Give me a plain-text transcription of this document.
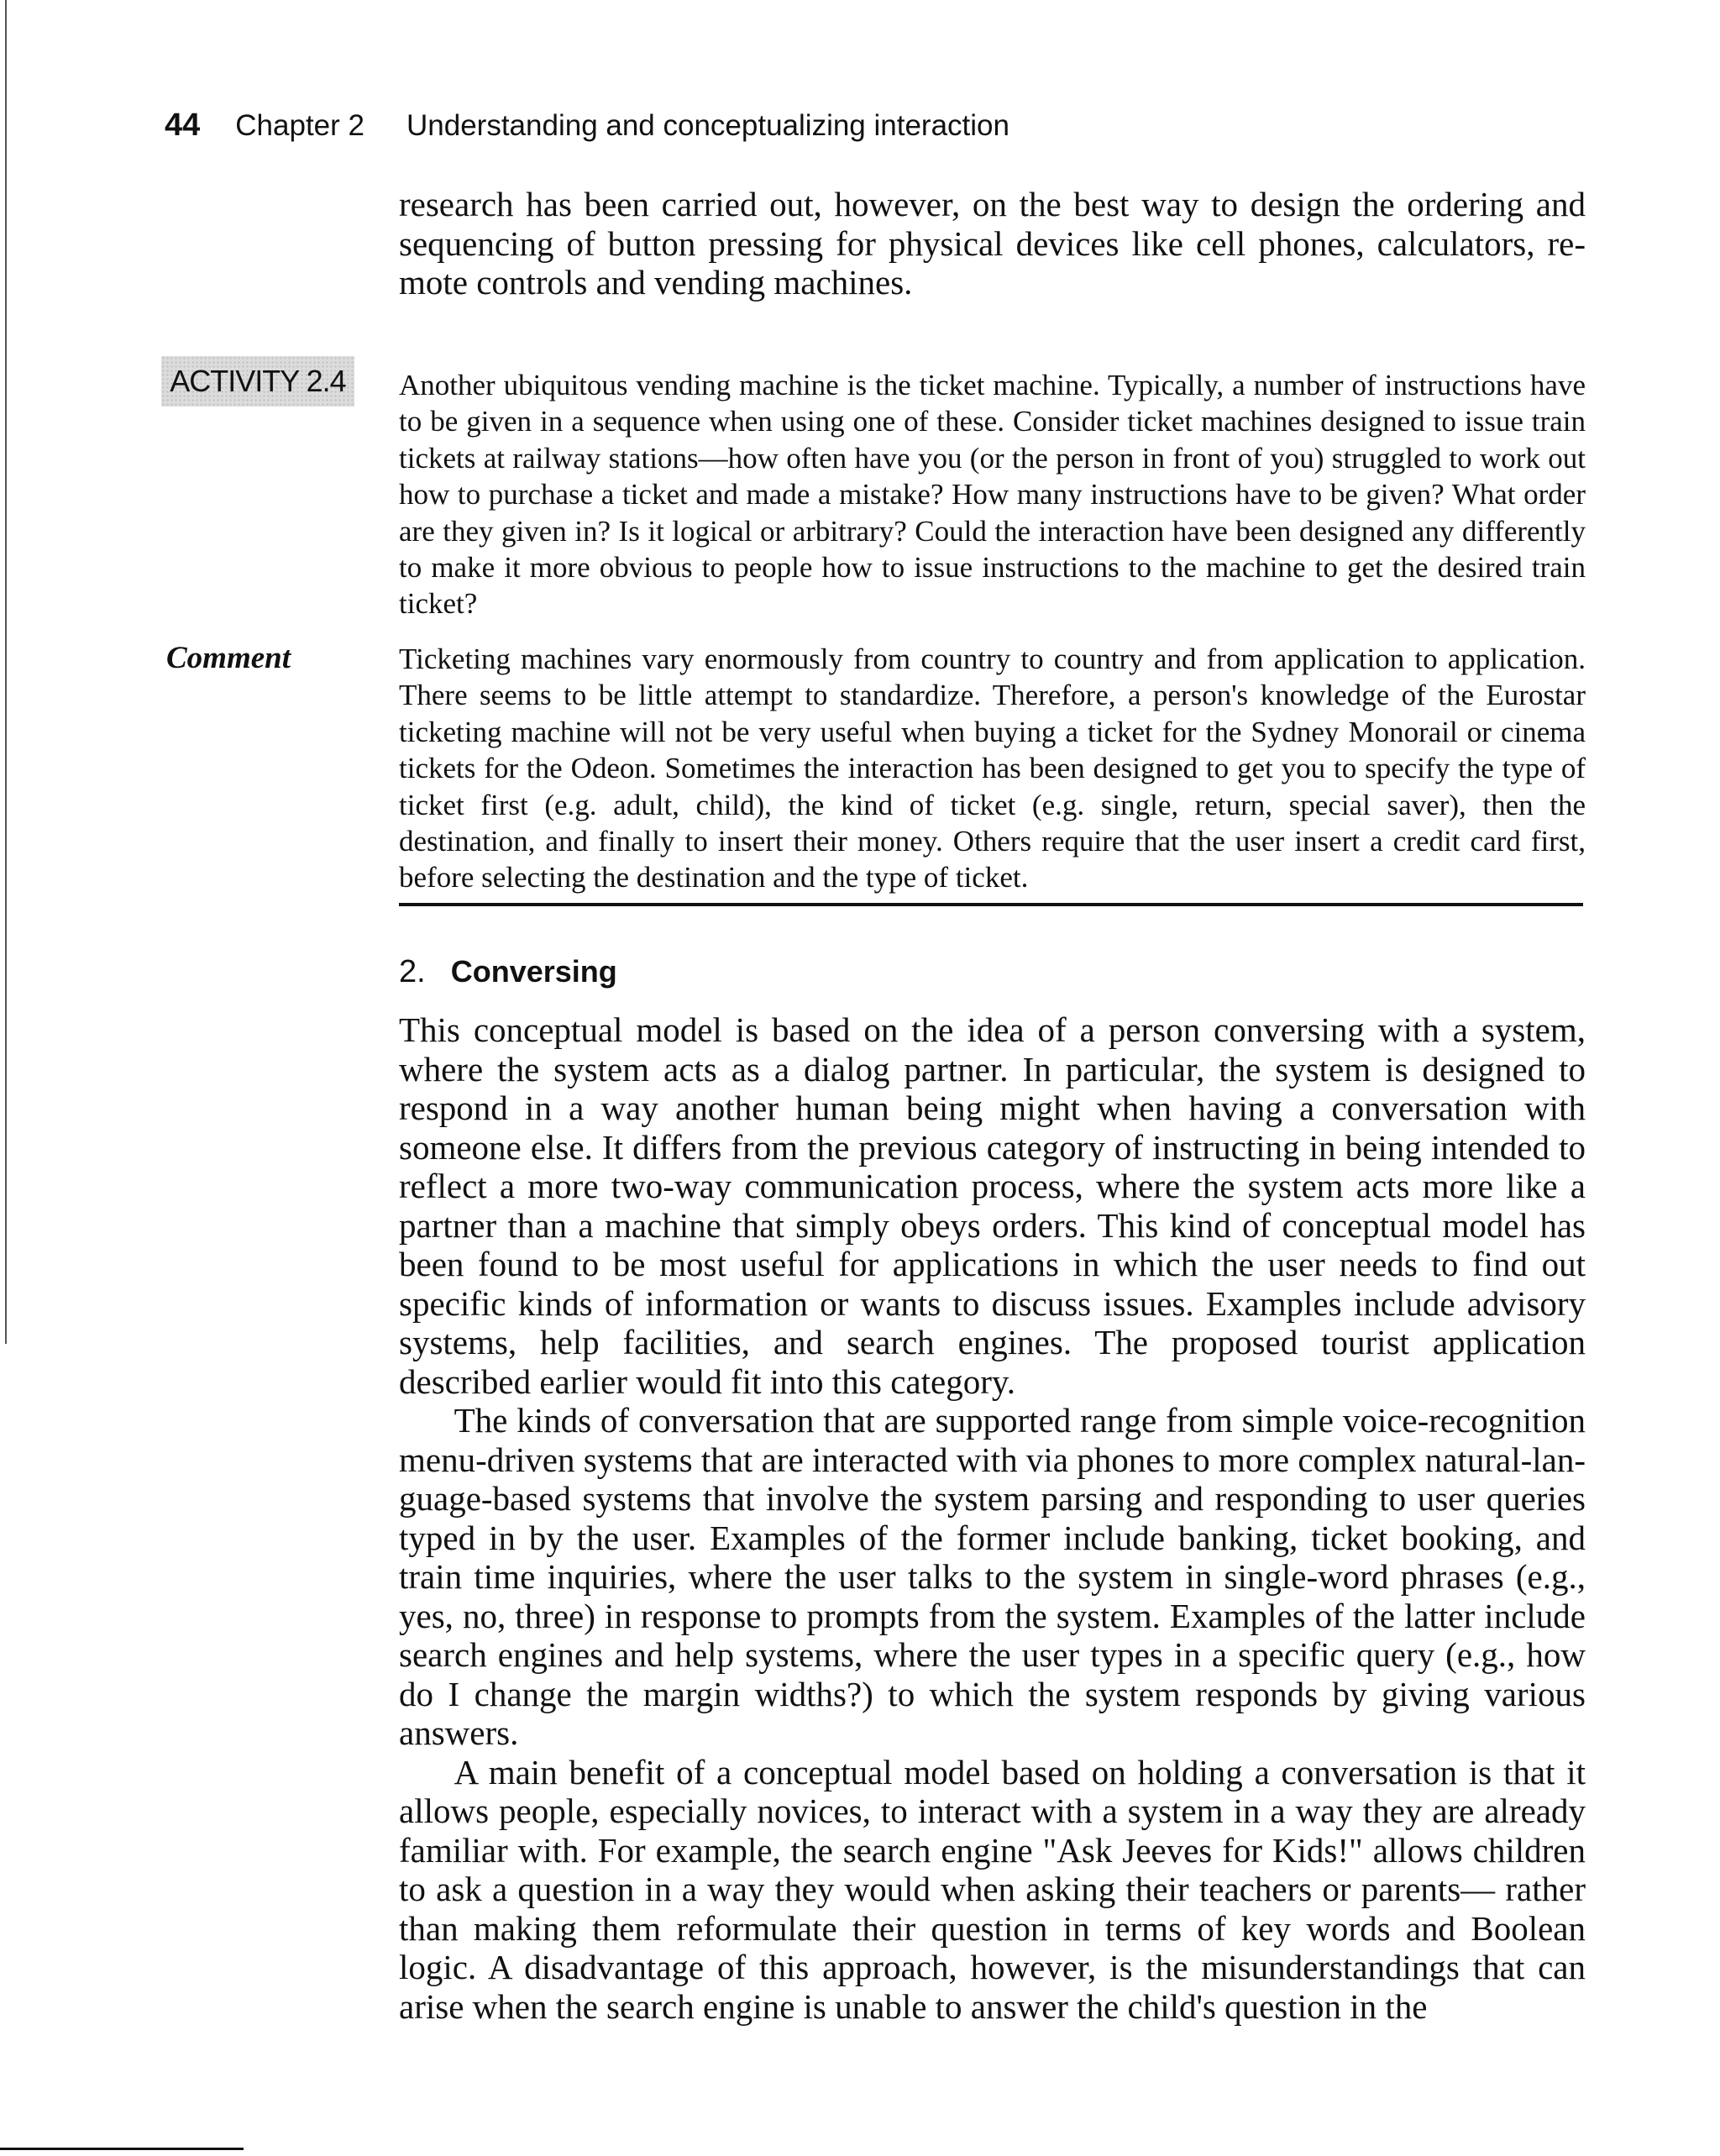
44 Chapter 2 Understanding and conceptualizing interaction

research has been carried out, however, on the best way to design the ordering and sequencing of button pressing for physical devices like cell phones, calculators, remote controls and vending machines.

ACTIVITY 2.4 Another ubiquitous vending machine is the ticket machine. Typically, a number of instructions have to be given in a sequence when using one of these. Consider ticket machines designed to issue train tickets at railway stations—how often have you (or the person in front of you) struggled to work out how to purchase a ticket and made a mistake? How many instructions have to be given? What order are they given in? Is it logical or arbitrary? Could the interaction have been designed any differently to make it more obvious to people how to issue instructions to the machine to get the desired train ticket?

Comment	Ticketing machines vary enormously from country to country and from application to application. There seems to be little attempt to standardize. Therefore, a person's knowledge of the Eurostar ticketing machine will not be very useful when buying a ticket for the Sydney Monorail or cinema tickets for the Odeon. Sometimes the interaction has been designed to get you to specify the type of ticket first (e.g. adult, child), the kind of ticket (e.g. single, return, special saver), then the destination, and finally to insert their money. Others require that the user insert a credit card first, before selecting the destination and the type of ticket.

2. Conversing

This conceptual model is based on the idea of a person conversing with a system, where the system acts as a dialog partner. In particular, the system is designed to respond in a way another human being might when having a conversation with someone else. It differs from the previous category of instructing in being intended to reflect a more two-way communication process, where the system acts more like a partner than a machine that simply obeys orders. This kind of conceptual model has been found to be most useful for applications in which the user needs to find out specific kinds of information or wants to discuss issues. Examples include advisory systems, help facilities, and search engines. The proposed tourist application described earlier would fit into this category.

The kinds of conversation that are supported range from simple voice-recognition menu-driven systems that are interacted with via phones to more complex natural-language-based systems that involve the system parsing and responding to user queries typed in by the user. Examples of the former include banking, ticket booking, and train time inquiries, where the user talks to the system in single-word phrases (e.g., yes, no, three) in response to prompts from the system. Examples of the latter include search engines and help systems, where the user types in a specific query (e.g., how do I change the margin widths?) to which the system responds by giving various answers.

A main benefit of a conceptual model based on holding a conversation is that it allows people, especially novices, to interact with a system in a way they are already familiar with. For example, the search engine "Ask Jeeves for Kids!" allows children to ask a question in a way they would when asking their teachers or parents— rather than making them reformulate their question in terms of key words and Boolean logic. A disadvantage of this approach, however, is the misunderstandings that can arise when the search engine is unable to answer the child's question in the
